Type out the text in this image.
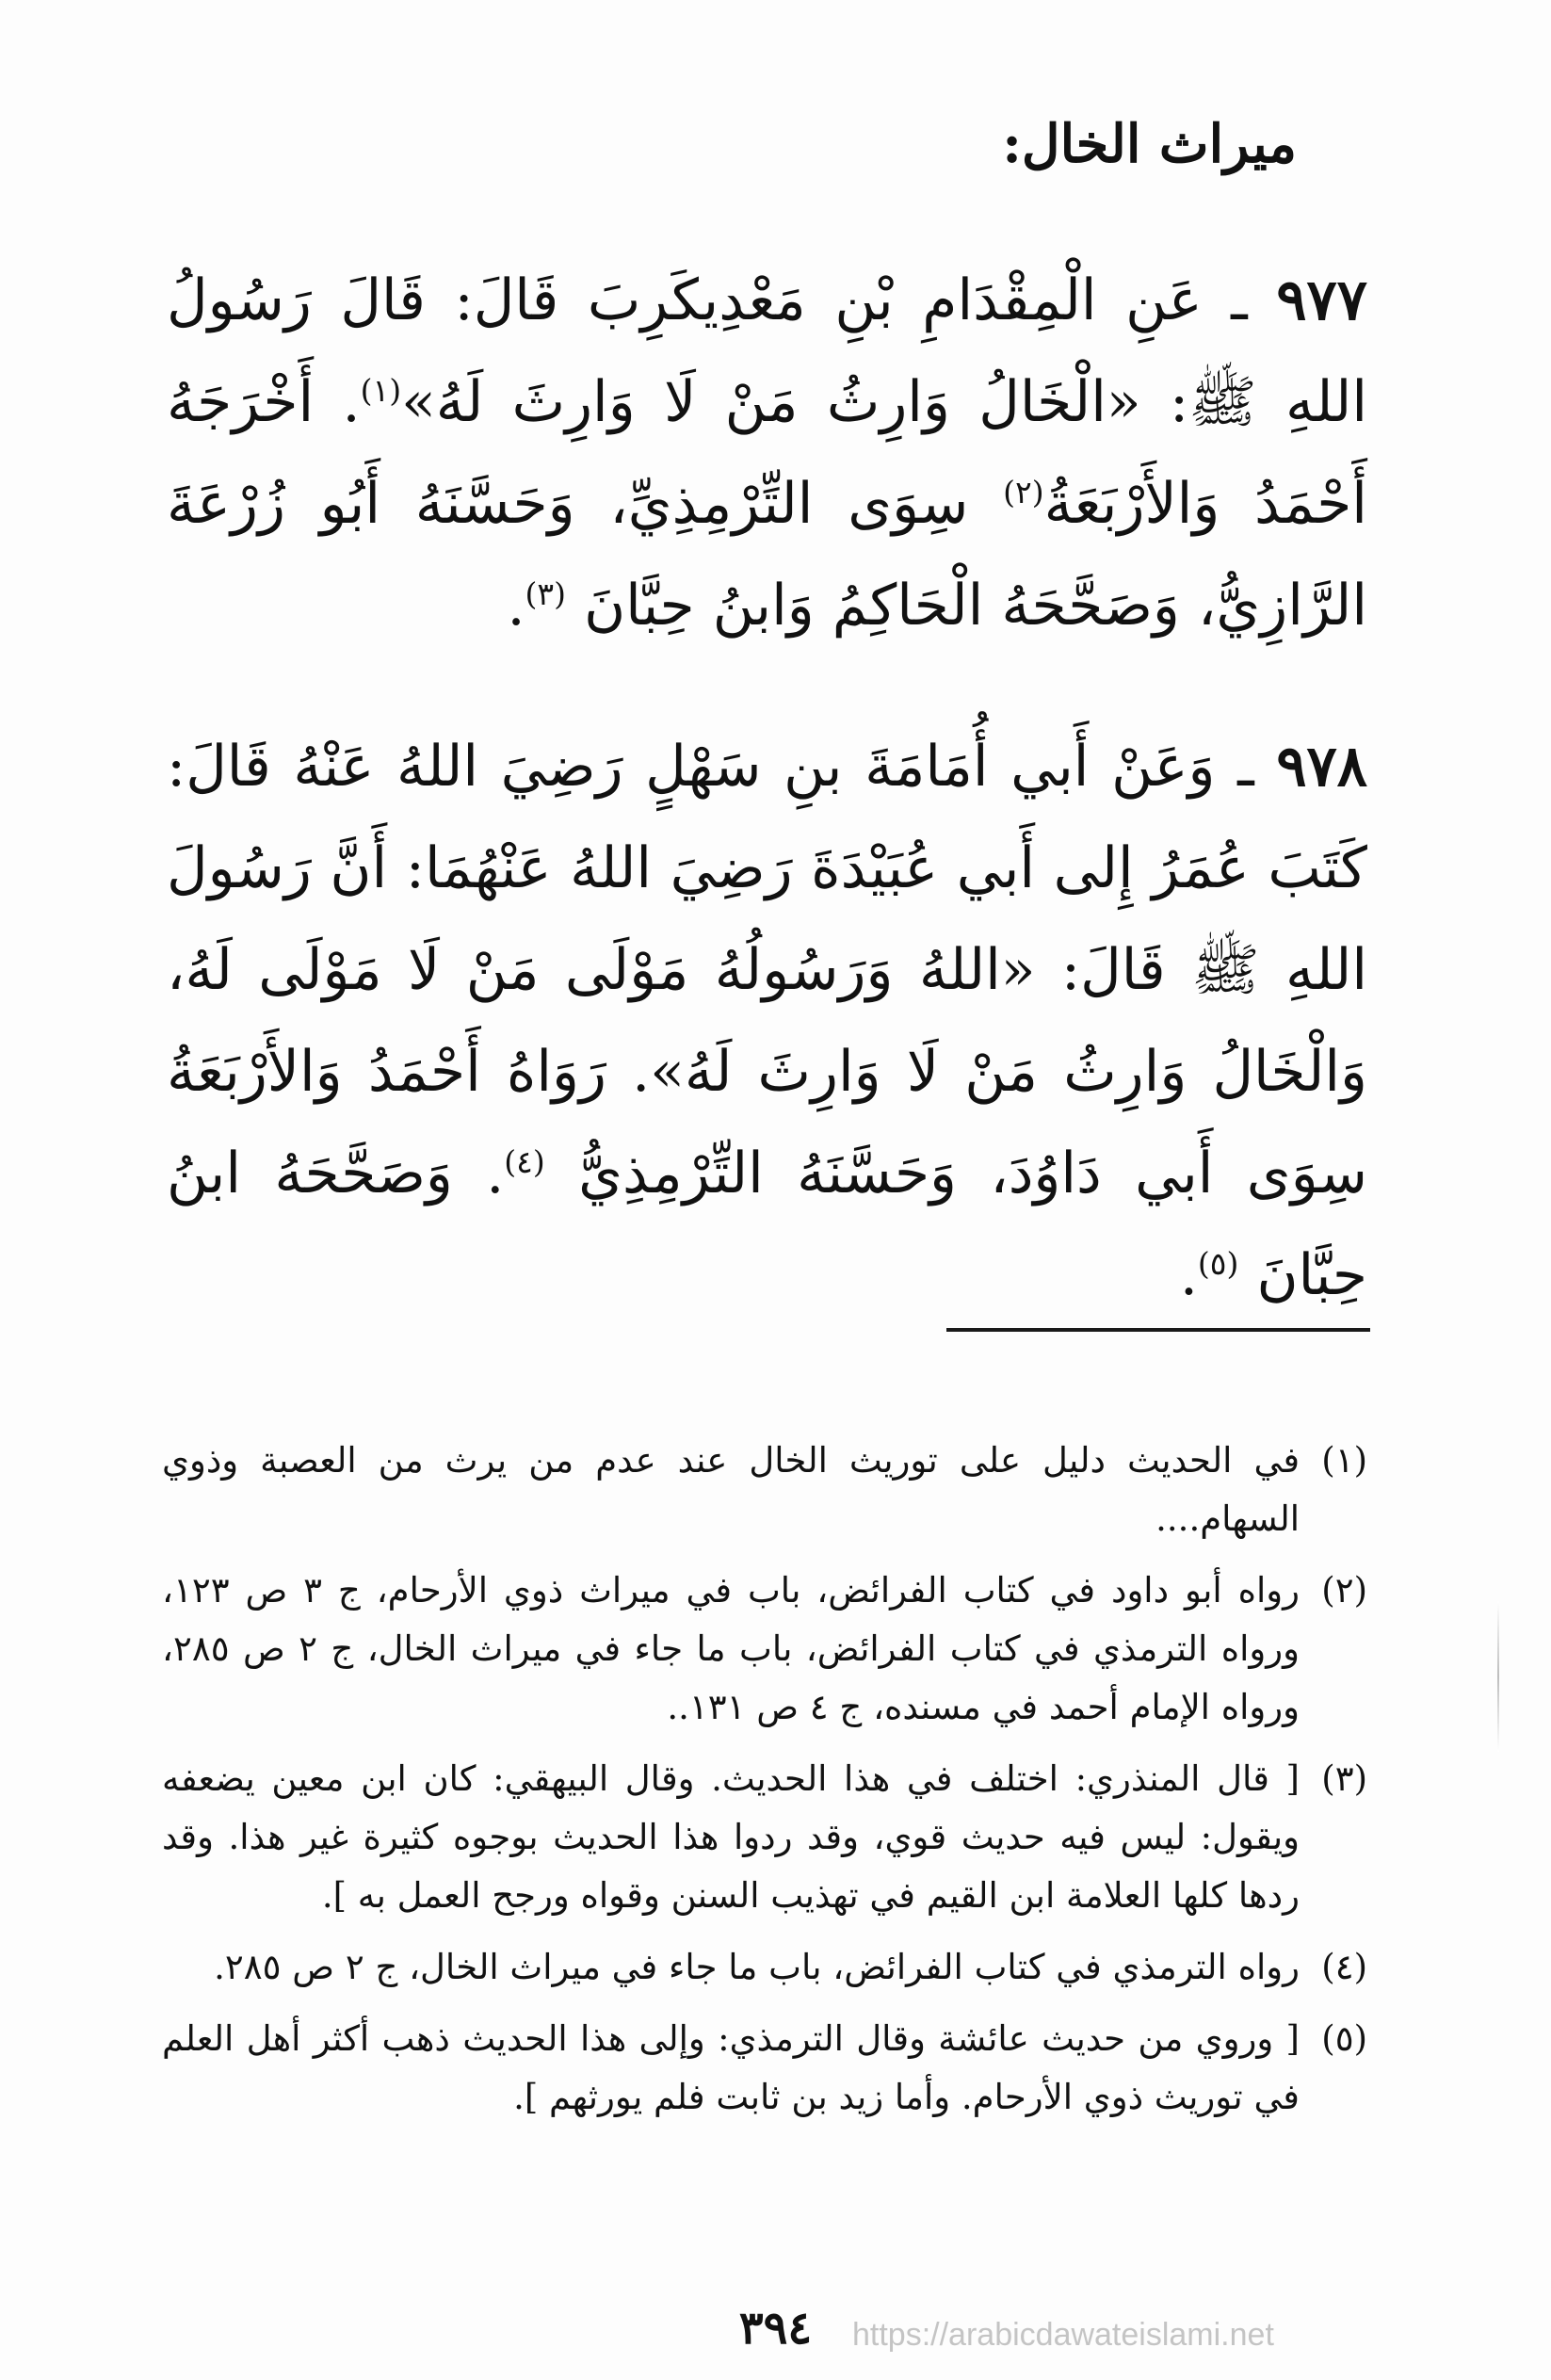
ميراث الخال:
٩٧٧ ـ عَنِ الْمِقْدَامِ بْنِ مَعْدِيكَرِبَ قَالَ: قَالَ رَسُولُ اللهِ ﷺ: «الْخَالُ وَارِثُ مَنْ لَا وَارِثَ لَهُ»$^{(١)}$. أَخْرَجَهُ أَحْمَدُ وَالأَرْبَعَةُ$^{(٢)}$ سِوَى التِّرْمِذِيِّ، وَحَسَّنَهُ أَبُو زُرْعَةَ الرَّازِيُّ، وَصَحَّحَهُ الْحَاكِمُ وَابنُ حِبَّانَ $^{(٣)}$.
٩٧٨ ـ وَعَنْ أَبي أُمَامَةَ بنِ سَهْلٍ رَضِيَ اللهُ عَنْهُ قَالَ: كَتَبَ عُمَرُ إِلى أَبي عُبَيْدَةَ رَضِيَ اللهُ عَنْهُمَا: أَنَّ رَسُولَ اللهِ ﷺ قَالَ: «اللهُ وَرَسُولُهُ مَوْلَى مَنْ لَا مَوْلَى لَهُ، وَالْخَالُ وَارِثُ مَنْ لَا وَارِثَ لَهُ». رَوَاهُ أَحْمَدُ وَالأَرْبَعَةُ سِوَى أَبي دَاوُدَ، وَحَسَّنَهُ التِّرْمِذِيُّ $^{(٤)}$. وَصَحَّحَهُ ابنُ حِبَّانَ $^{(٥)}$.
(١)
في الحديث دليل على توريث الخال عند عدم من يرث من العصبة وذوي السهام....
(٢)
رواه أبو داود في كتاب الفرائض، باب في ميراث ذوي الأرحام، ج ٣ ص ١٢٣، ورواه الترمذي في كتاب الفرائض، باب ما جاء في ميراث الخال، ج ٢ ص ٢٨٥، ورواه الإمام أحمد في مسنده، ج ٤ ص ١٣١..
(٣)
[ قال المنذري: اختلف في هذا الحديث. وقال البيهقي: كان ابن معين يضعفه ويقول: ليس فيه حديث قوي، وقد ردوا هذا الحديث بوجوه كثيرة غير هذا. وقد ردها كلها العلامة ابن القيم في تهذيب السنن وقواه ورجح العمل به ].
(٤)
رواه الترمذي في كتاب الفرائض، باب ما جاء في ميراث الخال، ج ٢ ص ٢٨٥.
(٥)
[ وروي من حديث عائشة وقال الترمذي: وإلى هذا الحديث ذهب أكثر أهل العلم في توريث ذوي الأرحام. وأما زيد بن ثابت فلم يورثهم ].
٣٩٤	https://arabicdawateislami.net
